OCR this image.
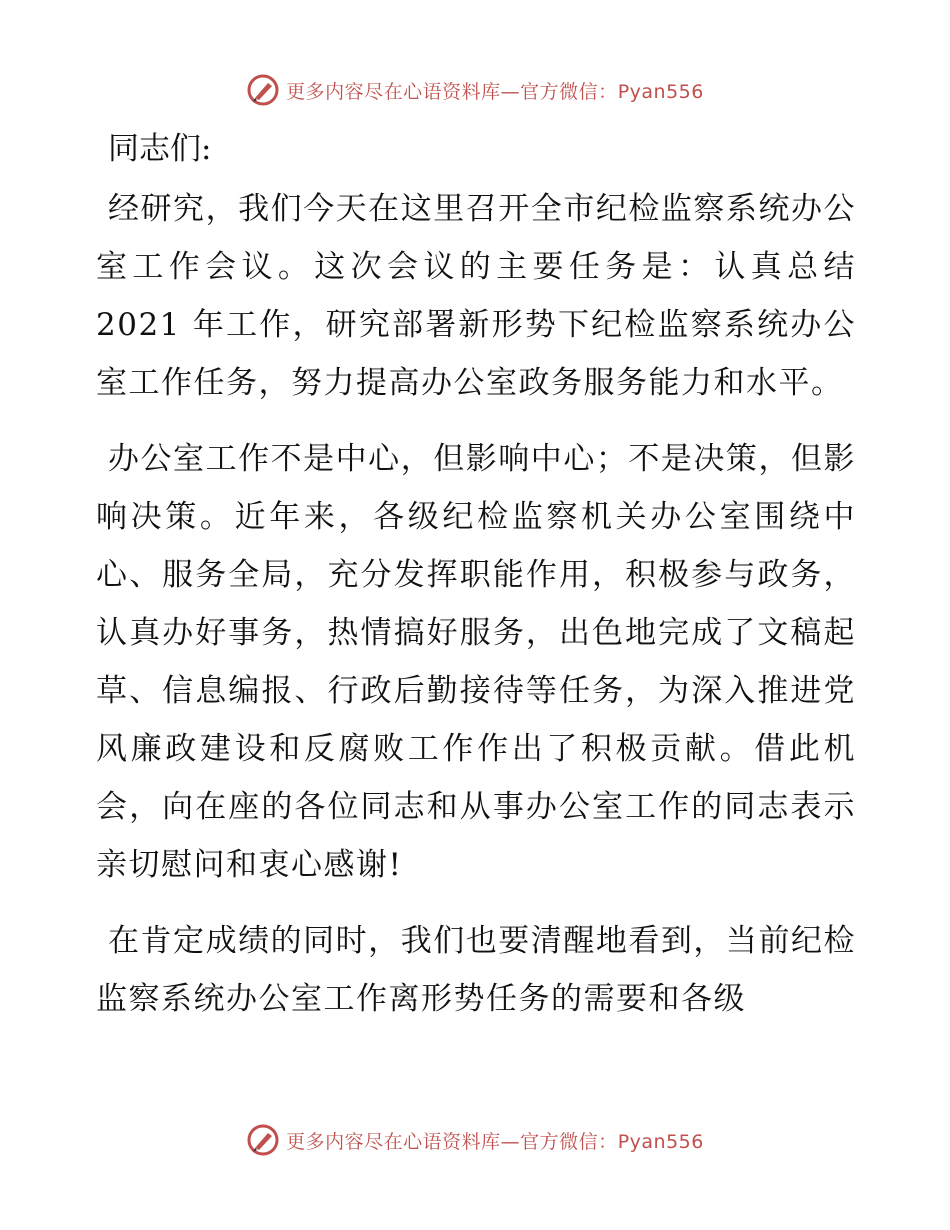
更多内容尽在心语资料库—官方微信：Pyan556

同志们:

经研究，我们今天在这里召开全市纪检监察系统办公室工作会议。这次会议的主要任务是：认真总结 2021 年工作，研究部署新形势下纪检监察系统办公室工作任务，努力提高办公室政务服务能力和水平。

办公室工作不是中心，但影响中心；不是决策，但影响决策。近年来，各级纪检监察机关办公室围绕中心、服务全局，充分发挥职能作用，积极参与政务，认真办好事务，热情搞好服务，出色地完成了文稿起草、信息编报、行政后勤接待等任务，为深入推进党风廉政建设和反腐败工作作出了积极贡献。借此机会，向在座的各位同志和从事办公室工作的同志表示亲切慰问和衷心感谢!

在肯定成绩的同时，我们也要清醒地看到，当前纪检监察系统办公室工作离形势任务的需要和各级

更多内容尽在心语资料库—官方微信：Pyan556
